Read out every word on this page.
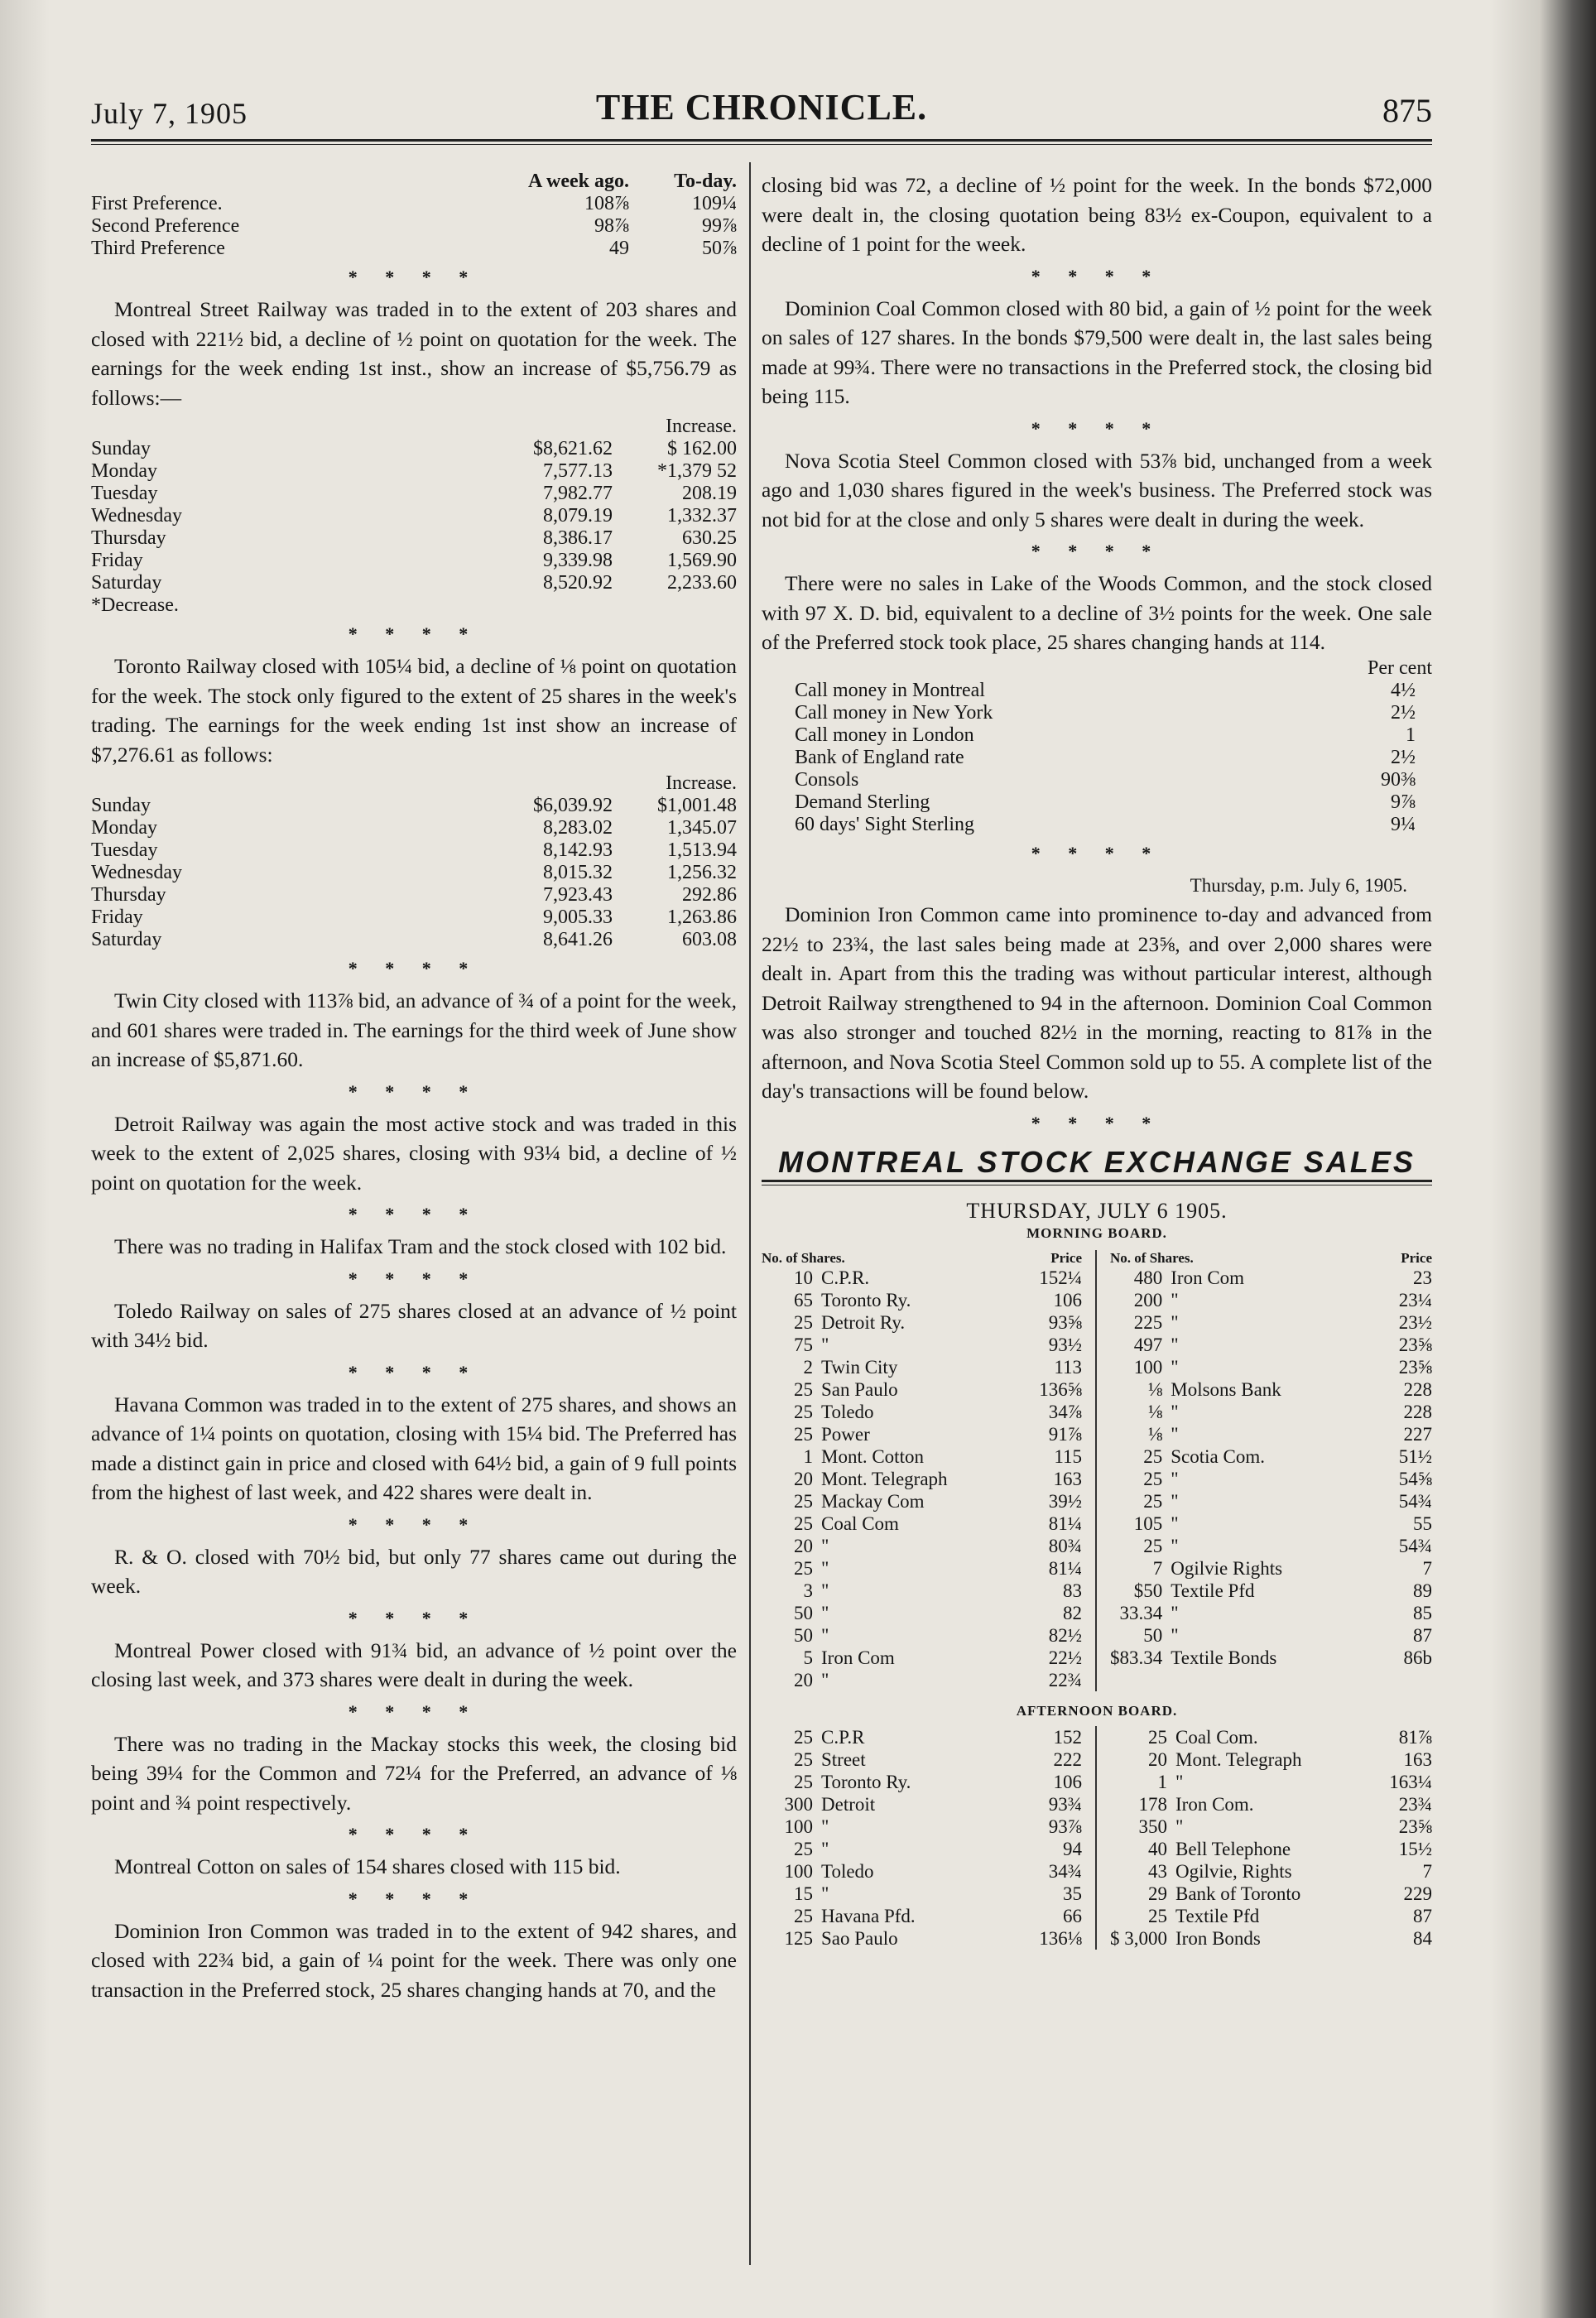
July 7, 1905	THE CHRONICLE.	875
	A week ago.	To-day.
First Preference.	108⅞	109¼
Second Preference	98⅞	99⅞
Third Preference	49	50⅞
* * * *

Montreal Street Railway was traded in to the extent of 203 shares and closed with 221½ bid, a decline of ½ point on quotation for the week. The earnings for the week ending 1st inst., show an increase of $5,756.79 as follows:—

		Increase.
Sunday	$8,621.62	$ 162.00
Monday	7,577.13	*1,379 52
Tuesday	7,982.77	208.19
Wednesday	8,079.19	1,332.37
Thursday	8,386.17	630.25
Friday	9,339.98	1,569.90
Saturday	8,520.92	2,233.60
*Decrease.		
* * * *

Toronto Railway closed with 105¼ bid, a decline of ⅛ point on quotation for the week. The stock only figured to the extent of 25 shares in the week's trading. The earnings for the week ending 1st inst show an increase of $7,276.61 as follows:

		Increase.
Sunday	$6,039.92	$1,001.48
Monday	8,283.02	1,345.07
Tuesday	8,142.93	1,513.94
Wednesday	8,015.32	1,256.32
Thursday	7,923.43	292.86
Friday	9,005.33	1,263.86
Saturday	8,641.26	603.08
* * * *

Twin City closed with 113⅞ bid, an advance of ¾ of a point for the week, and 601 shares were traded in. The earnings for the third week of June show an increase of $5,871.60.

* * * *

Detroit Railway was again the most active stock and was traded in this week to the extent of 2,025 shares, closing with 93¼ bid, a decline of ½ point on quotation for the week.

* * * *

There was no trading in Halifax Tram and the stock closed with 102 bid.

* * * *

Toledo Railway on sales of 275 shares closed at an advance of ½ point with 34½ bid.

* * * *

Havana Common was traded in to the extent of 275 shares, and shows an advance of 1¼ points on quotation, closing with 15¼ bid. The Preferred has made a distinct gain in price and closed with 64½ bid, a gain of 9 full points from the highest of last week, and 422 shares were dealt in.

* * * *

R. & O. closed with 70½ bid, but only 77 shares came out during the week.

* * * *

Montreal Power closed with 91¾ bid, an advance of ½ point over the closing last week, and 373 shares were dealt in during the week.

* * * *

There was no trading in the Mackay stocks this week, the closing bid being 39¼ for the Common and 72¼ for the Preferred, an advance of ⅛ point and ¾ point respectively.

* * * *

Montreal Cotton on sales of 154 shares closed with 115 bid.

* * * *

Dominion Iron Common was traded in to the extent of 942 shares, and closed with 22¾ bid, a gain of ¼ point for the week. There was only one transaction in the Preferred stock, 25 shares changing hands at 70, and the

closing bid was 72, a decline of ½ point for the week. In the bonds $72,000 were dealt in, the closing quotation being 83½ ex-Coupon, equivalent to a decline of 1 point for the week.

* * * *

Dominion Coal Common closed with 80 bid, a gain of ½ point for the week on sales of 127 shares. In the bonds $79,500 were dealt in, the last sales being made at 99¾. There were no transactions in the Preferred stock, the closing bid being 115.

* * * *

Nova Scotia Steel Common closed with 53⅞ bid, unchanged from a week ago and 1,030 shares figured in the week's business. The Preferred stock was not bid for at the close and only 5 shares were dealt in during the week.

* * * *

There were no sales in Lake of the Woods Common, and the stock closed with 97 X. D. bid, equivalent to a decline of 3½ points for the week. One sale of the Preferred stock took place, 25 shares changing hands at 114.

	Per cent
Call money in Montreal	4½
Call money in New York	2½
Call money in London	1
Bank of England rate	2½
Consols	90⅜
Demand Sterling	9⅞
60 days' Sight Sterling	9¼
* * * *
Thursday, p.m. July 6, 1905.

Dominion Iron Common came into prominence to-day and advanced from 22½ to 23¾, the last sales being made at 23⅝, and over 2,000 shares were dealt in. Apart from this the trading was without particular interest, although Detroit Railway strengthened to 94 in the afternoon. Dominion Coal Common was also stronger and touched 82½ in the morning, reacting to 81⅞ in the afternoon, and Nova Scotia Steel Common sold up to 55. A complete list of the day's transactions will be found below.

* * * *
MONTREAL STOCK EXCHANGE SALES
THURSDAY, JULY 6 1905.
MORNING BOARD.
No. of Shares.	Price
10	C.P.R.	152¼
65	Toronto Ry.	106
25	Detroit Ry.	93⅝
75	"	93½
2	Twin City	113
25	San Paulo	136⅝
25	Toledo	34⅞
25	Power	91⅞
1	Mont. Cotton	115
20	Mont. Telegraph	163
25	Mackay Com	39½
25	Coal Com	81¼
20	"	80¾
25	"	81¼
3	"	83
50	"	82
50	"	82½
5	Iron Com	22½
20	"	22¾
No. of Shares.	Price
480	Iron Com	23
200	"	23¼
225	"	23½
497	"	23⅝
100	"	23⅝
⅛	Molsons Bank	228
⅛	"	228
⅛	"	227
25	Scotia Com.	51½
25	"	54⅝
25	"	54¾
105	"	55
25	"	54¾
7	Ogilvie Rights	7
$50	Textile Pfd	89
33.34	"	85
50	"	87
$83.34	Textile Bonds	86b
AFTERNOON BOARD.
25	C.P.R	152
25	Street	222
25	Toronto Ry.	106
300	Detroit	93¾
100	"	93⅞
25	"	94
100	Toledo	34¾
15	"	35
25	Havana Pfd.	66
125	Sao Paulo	136⅛
25	Coal Com.	81⅞
20	Mont. Telegraph	163
1	"	163¼
178	Iron Com.	23¾
350	"	23⅝
40	Bell Telephone	15½
43	Ogilvie, Rights	7
29	Bank of Toronto	229
25	Textile Pfd	87
$ 3,000	Iron Bonds	84
